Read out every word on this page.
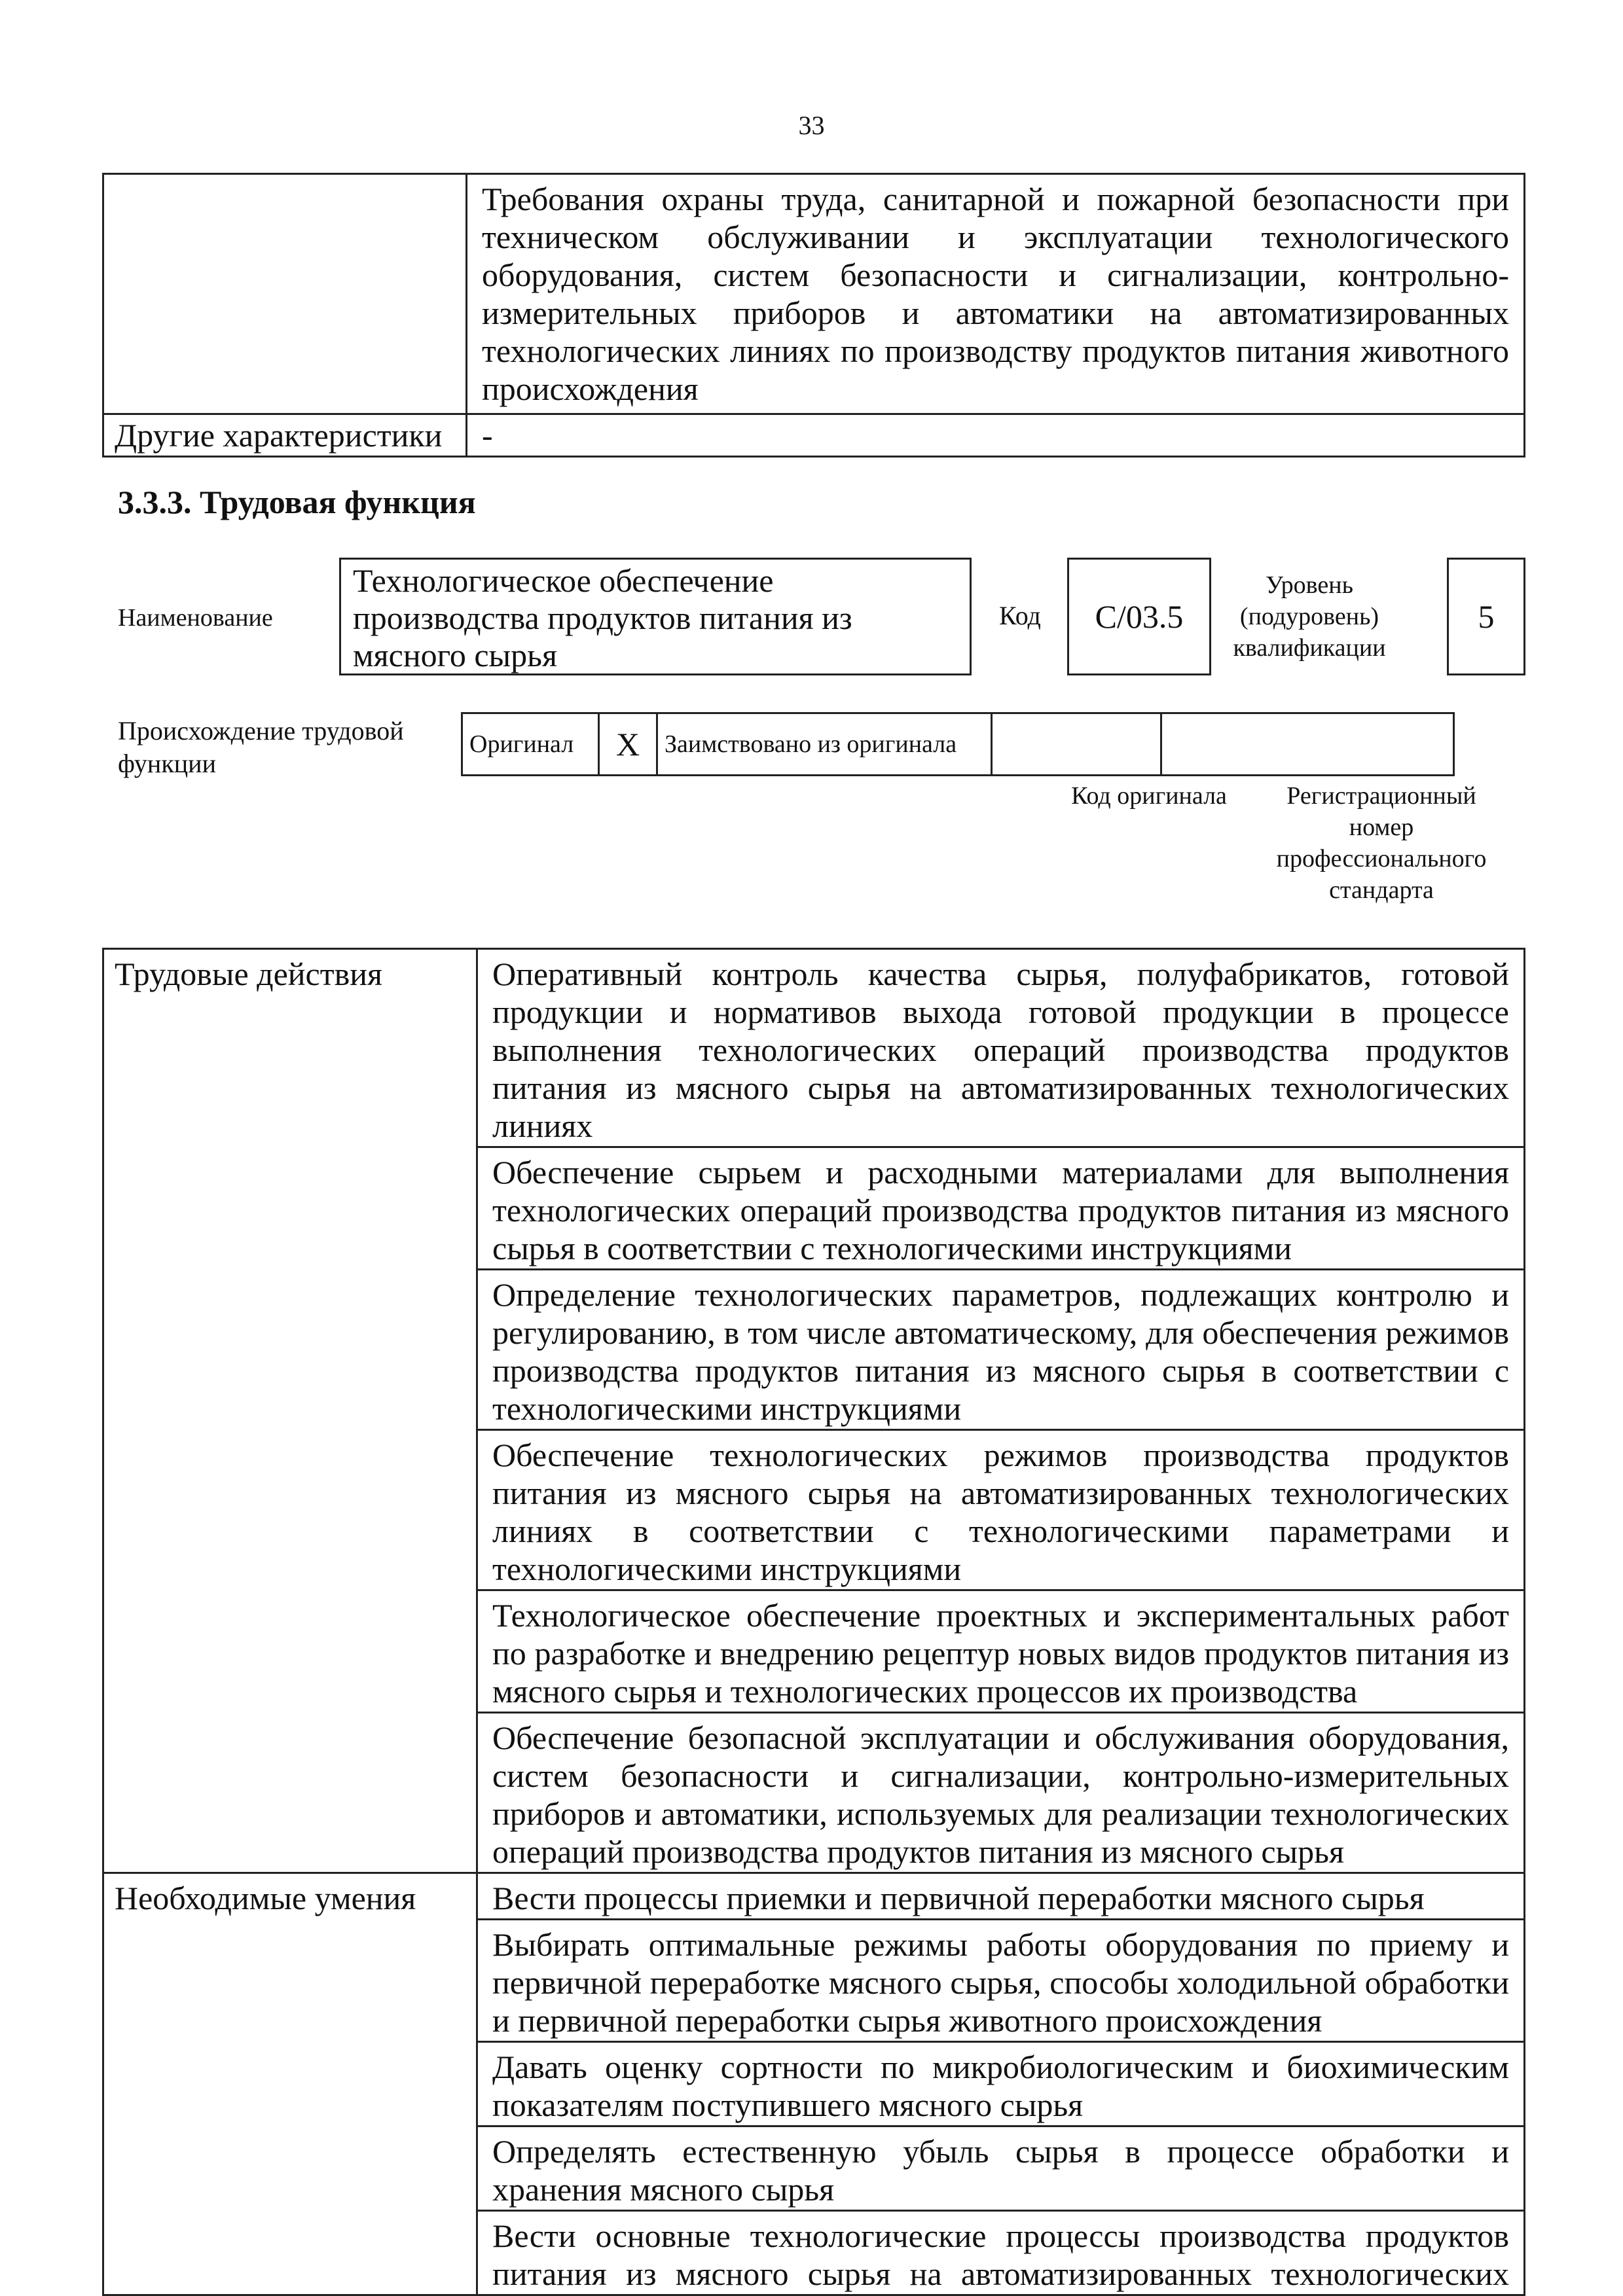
33
	Требования охраны труда, санитарной и пожарной безопасности при техническом обслуживании и эксплуатации технологического оборудования, систем безопасности и сигнализации, контрольно-измерительных приборов и автоматики на автоматизированных технологических линиях по производству продуктов питания животного происхождения
Другие характеристики	-
3.3.3. Трудовая функция
Наименование
Технологическое обеспечение производства продуктов питания из мясного сырья
Код	С/03.5
Уровень (подуровень) квалификации
5
Происхождение трудовой функции
Оригинал	X	Заимствовано из оригинала		
Код оригинала	Регистрационный номер профессионального стандарта
Трудовые действия	Оперативный контроль качества сырья, полуфабрикатов, готовой продукции и нормативов выхода готовой продукции в процессе выполнения технологических операций производства продуктов питания из мясного сырья на автоматизированных технологических линиях
	Обеспечение сырьем и расходными материалами для выполнения технологических операций производства продуктов питания из мясного сырья в соответствии с технологическими инструкциями
	Определение технологических параметров, подлежащих контролю и регулированию, в том числе автоматическому, для обеспечения режимов производства продуктов питания из мясного сырья в соответствии с технологическими инструкциями
	Обеспечение технологических режимов производства продуктов питания из мясного сырья на автоматизированных технологических линиях в соответствии с технологическими параметрами и технологическими инструкциями
	Технологическое обеспечение проектных и экспериментальных работ по разработке и внедрению рецептур новых видов продуктов питания из мясного сырья и технологических процессов их производства
	Обеспечение безопасной эксплуатации и обслуживания оборудования, систем безопасности и сигнализации, контрольно-измерительных приборов и автоматики, используемых для реализации технологических операций производства продуктов питания из мясного сырья
Необходимые умения	Вести процессы приемки и первичной переработки мясного сырья
	Выбирать оптимальные режимы работы оборудования по приему и первичной переработке мясного сырья, способы холодильной обработки и первичной переработки сырья животного происхождения
	Давать оценку сортности по микробиологическим и биохимическим показателям поступившего мясного сырья
	Определять естественную убыль сырья в процессе обработки и хранения мясного сырья
	Вести основные технологические процессы производства продуктов питания из мясного сырья на автоматизированных технологических
